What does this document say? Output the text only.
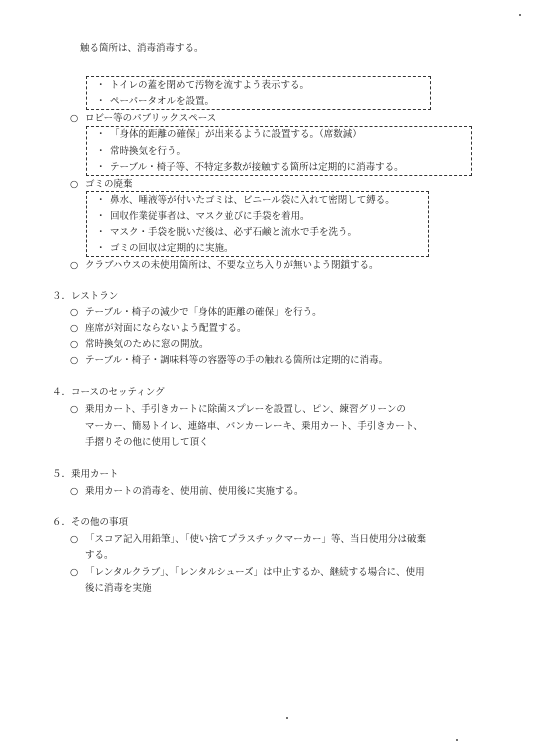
触る箇所は、消毒消毒する。
・ トイレの蓋を閉めて汚物を流すよう表示する。
・ ペーパータオルを設置。
○ ロビー等のパブリックスペース
・ 「身体的距離の確保」が出来るように設置する。（席数減）
・ 常時換気を行う。
・ テーブル・椅子等、不特定多数が接触する箇所は定期的に消毒する。
○ ゴミの廃棄
・ 鼻水、唾液等が付いたゴミは、ビニール袋に入れて密閉して縛る。
・ 回収作業従事者は、マスク並びに手袋を着用。
・ マスク・手袋を脱いだ後は、必ず石鹸と流水で手を洗う。
・ ゴミの回収は定期的に実施。
○ クラブハウスの未使用箇所は、不要な立ち入りが無いよう閉鎖する。
３．レストラン
○ テーブル・椅子の減少で「身体的距離の確保」を行う。
○ 座席が対面にならないよう配置する。
○ 常時換気のために窓の開放。
○ テーブル・椅子・調味料等の容器等の手の触れる箇所は定期的に消毒。
４．コースのセッティング
○ 乗用カート、手引きカートに除菌スプレーを設置し、ピン、練習グリーンの
マーカー、簡易トイレ、連絡車、バンカーレーキ、乗用カート、手引きカート、
手摺りその他に使用して頂く
５．乗用カート
○ 乗用カートの消毒を、使用前、使用後に実施する。
６．その他の事項
○ 「スコア記入用鉛筆」、「使い捨てプラスチックマーカー」等、当日使用分は破棄
する。
○ 「レンタルクラブ」、「レンタルシューズ」は中止するか、継続する場合に、使用
後に消毒を実施
